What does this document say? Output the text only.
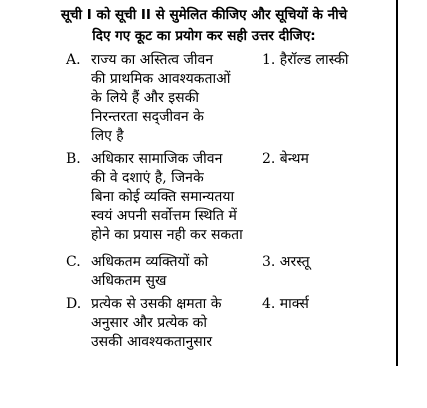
सूची I को सूची II से सुमेलित कीजिए और सूचियों के नीचे
दिए गए कूट का प्रयोग कर सही उत्तर दीजिए:
A. राज्य का अस्तित्व जीवन
की प्राथमिक आवश्यकताओं
के लिये हैं और इसकी
निरन्तरता सद्जीवन के
लिए है
1. हैरॉल्ड लास्की
B. अधिकार सामाजिक जीवन
की वे दशाएं है, जिनके
बिना कोई व्यक्ति समान्यतया
स्वयं अपनी सर्वोत्तम स्थिति में
होने का प्रयास नही कर सकता
2. बेन्थम
C. अधिकतम व्यक्तियों को
अधिकतम सुख
3. अरस्तू
D. प्रत्येक से उसकी क्षमता के
अनुसार और प्रत्येक को
उसकी आवश्यकतानुसार
4. मार्क्स
